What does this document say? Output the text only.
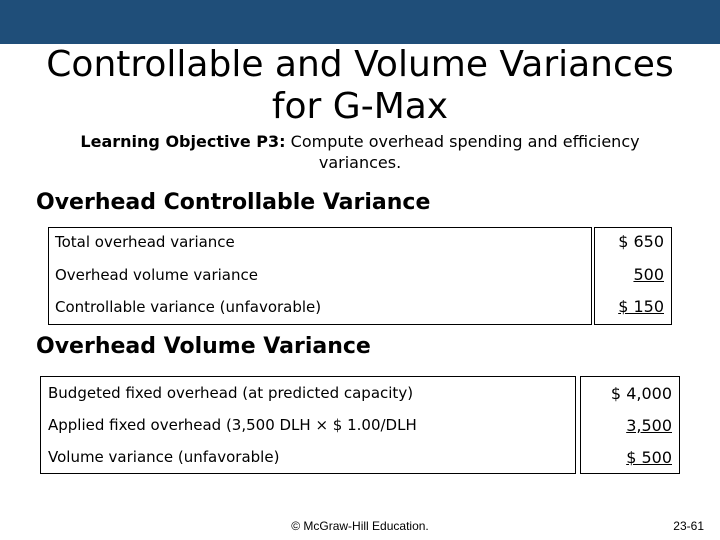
Controllable and Volume Variances
for G-Max
Learning Objective P3: Compute overhead spending and efficiency variances.
Overhead Controllable Variance
Total overhead variance	$ 650
Overhead volume variance	500
Controllable variance (unfavorable)	$ 150
Overhead Volume Variance
Budgeted fixed overhead (at predicted capacity)	$ 4,000
Applied fixed overhead (3,500 DLH × $ 1.00/DLH	3,500
Volume variance (unfavorable)	$ 500
© McGraw-Hill Education.	23-61
